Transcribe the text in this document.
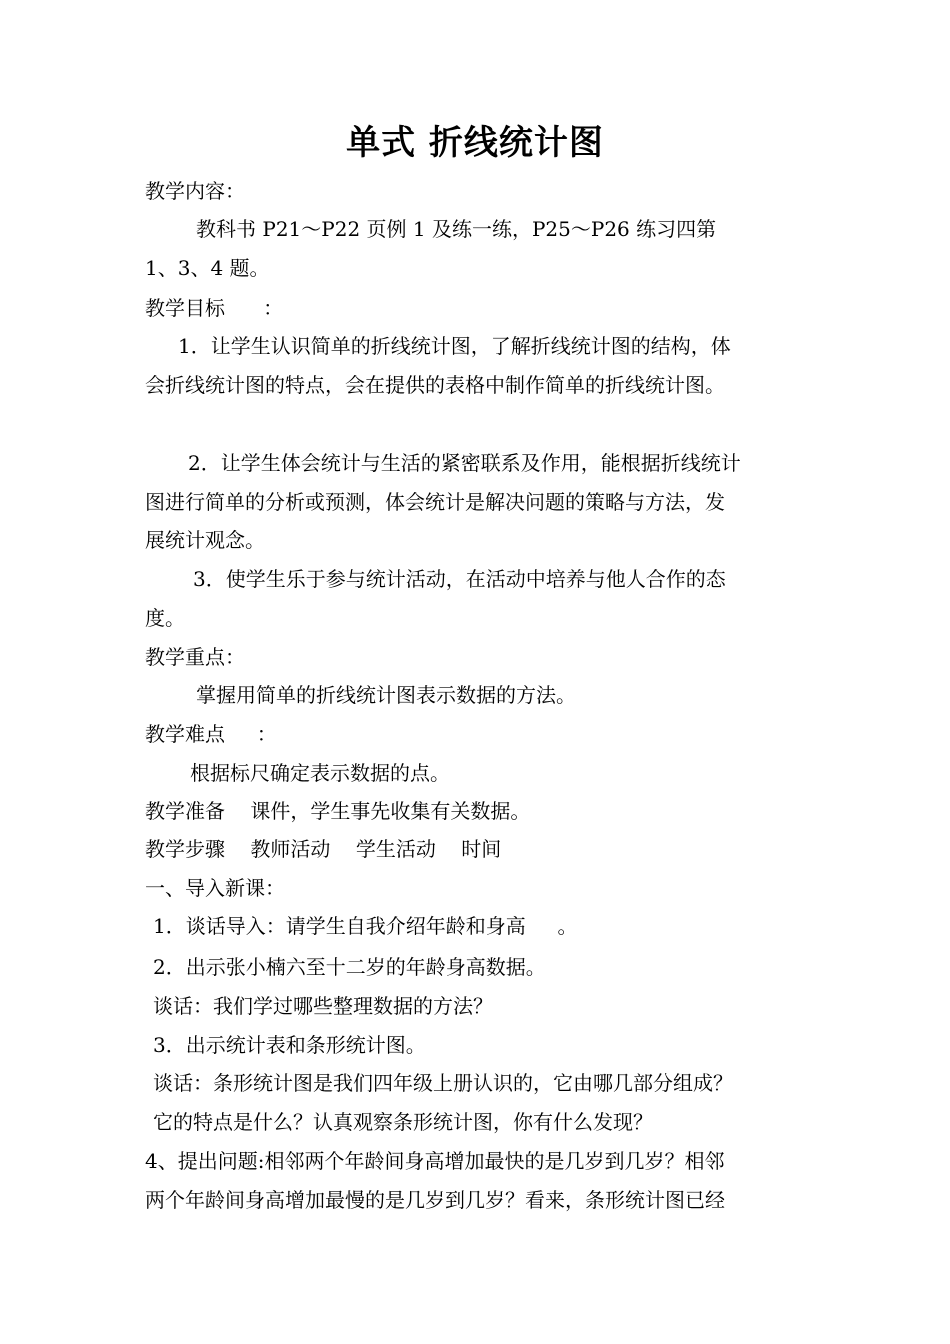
单式 折线统计图
教学内容：
教科书 P21～P22 页例 1 及练一练，P25～P26 练习四第
1、3、4 题。
教学目标      ：
1．让学生认识简单的折线统计图，了解折线统计图的结构，体
会折线统计图的特点，会在提供的表格中制作简单的折线统计图。
2．让学生体会统计与生活的紧密联系及作用，能根据折线统计
图进行简单的分析或预测，体会统计是解决问题的策略与方法，发
展统计观念。
3．使学生乐于参与统计活动，在活动中培养与他人合作的态
度。
教学重点：
掌握用简单的折线统计图表示数据的方法。
教学难点     ：
根据标尺确定表示数据的点。
教学准备    课件，学生事先收集有关数据。
教学步骤    教师活动    学生活动    时间
一、导入新课：
1．谈话导入：请学生自我介绍年龄和身高     。
2．出示张小楠六至十二岁的年龄身高数据。
谈话：我们学过哪些整理数据的方法？
3．出示统计表和条形统计图。
谈话：条形统计图是我们四年级上册认识的，它由哪几部分组成？
它的特点是什么？认真观察条形统计图，你有什么发现？
4、提出问题:相邻两个年龄间身高增加最快的是几岁到几岁？相邻
两个年龄间身高增加最慢的是几岁到几岁？看来，条形统计图已经
